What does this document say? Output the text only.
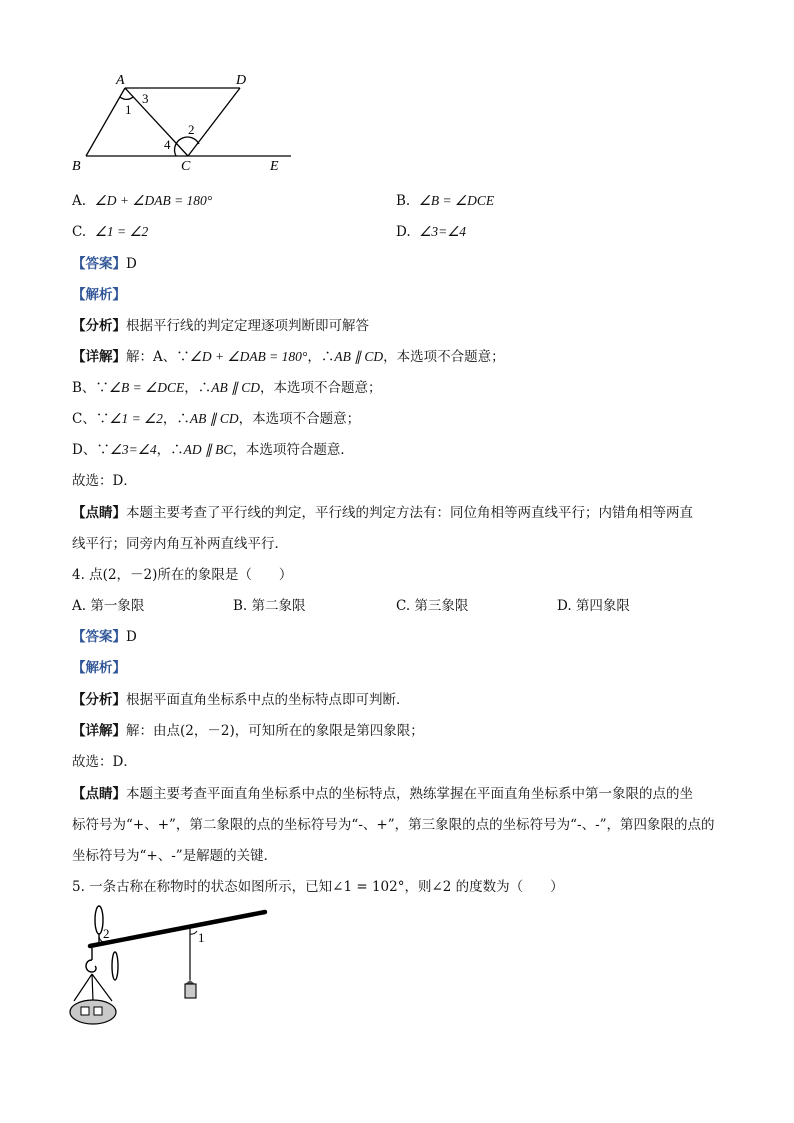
A	D
B	C	E
1
3
2
4
A. ∠D + ∠DAB = 180°	B. ∠B = ∠DCE
C. ∠1 = ∠2	D. ∠3=∠4
【答案】D
【解析】
【分析】根据平行线的判定定理逐项判断即可解答
【详解】解：A、∵∠D + ∠DAB = 180°，∴AB ∥ CD，本选项不合题意；
B、∵∠B = ∠DCE，∴AB ∥ CD，本选项不合题意；
C、∵∠1 = ∠2，∴AB ∥ CD，本选项不合题意；
D、∵∠3=∠4，∴AD ∥ BC，本选项符合题意．
故选：D．
【点睛】本题主要考查了平行线的判定，平行线的判定方法有：同位角相等两直线平行；内错角相等两直
线平行；同旁内角互补两直线平行．
4. 点(2，－2)所在的象限是（　　）
A. 第一象限	B. 第二象限	C. 第三象限	D. 第四象限
【答案】D
【解析】
【分析】根据平面直角坐标系中点的坐标特点即可判断．
【详解】解：由点(2，－2)，可知所在的象限是第四象限；
故选：D．
【点睛】本题主要考查平面直角坐标系中点的坐标特点，熟练掌握在平面直角坐标系中第一象限的点的坐
标符号为“+、+”，第二象限的点的坐标符号为“-、+”，第三象限的点的坐标符号为“-、-”，第四象限的点的
坐标符号为“+、-”是解题的关键．
5. 一条古称在称物时的状态如图所示，已知∠1 = 102°，则∠2 的度数为（　　）
2	1
